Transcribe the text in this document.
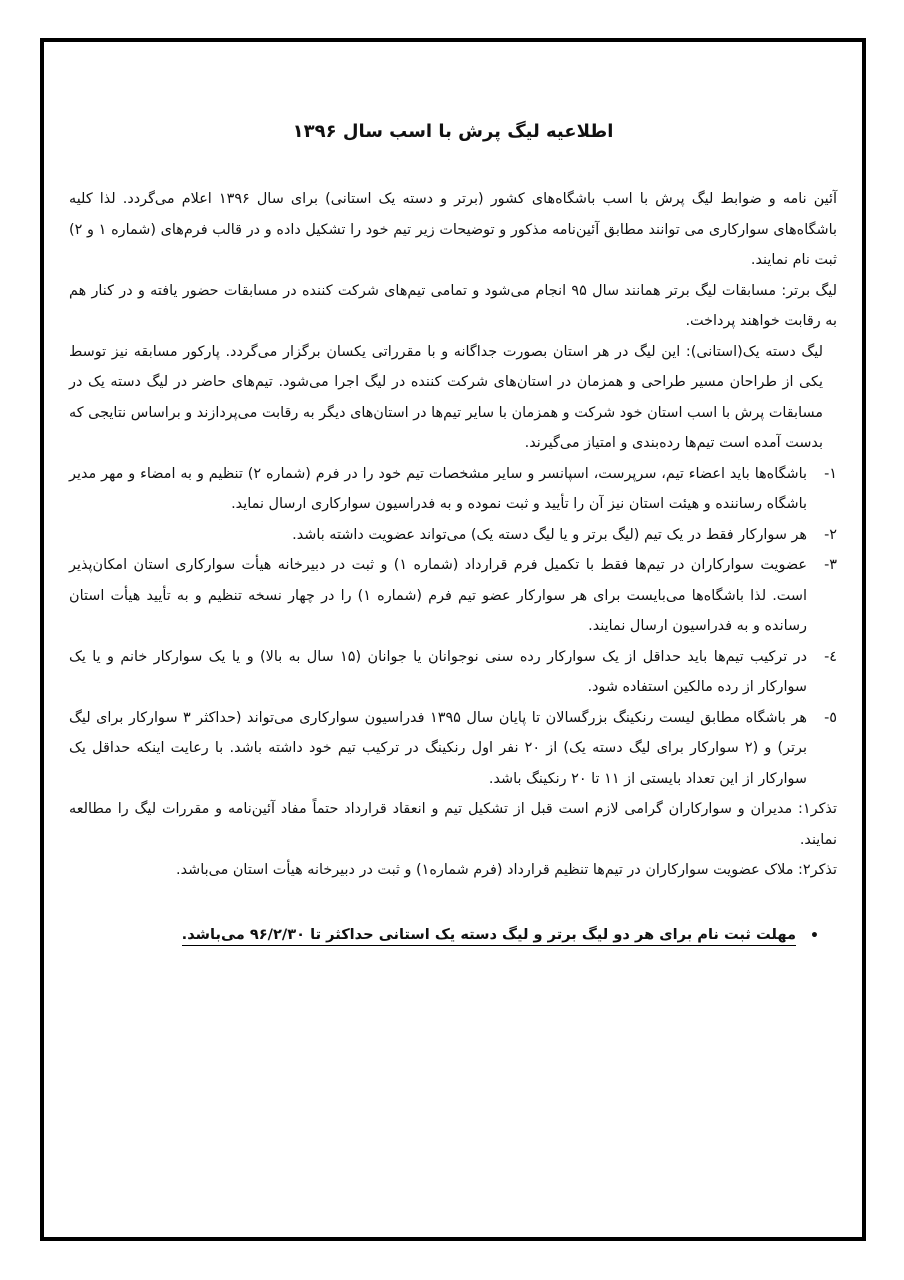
اطلاعیه لیگ پرش با اسب سال ۱۳۹۶

آئین نامه و ضوابط لیگ پرش با اسب باشگاه‌های کشور (برتر و دسته یک استانی) برای سال ۱۳۹۶ اعلام می‌گردد. لذا کلیه باشگاه‌های سوارکاری می توانند مطابق آئین‌نامه مذکور و توضیحات زیر تیم خود را تشکیل داده و در قالب فرم‌های (شماره ۱ و ۲) ثبت نام نمایند.

لیگ برتر: مسابقات لیگ برتر همانند سال ۹۵ انجام می‌شود و تمامی تیم‌های شرکت کننده در مسابقات حضور یافته و در کنار هم به رقابت خواهند پرداخت.

لیگ دسته یک(استانی): این لیگ در هر استان بصورت جداگانه و با مقرراتی یکسان برگزار می‌گردد. پارکور مسابقه نیز توسط یکی از طراحان مسیر طراحی و همزمان در استان‌های شرکت کننده در لیگ اجرا می‌شود. تیم‌های حاضر در لیگ دسته یک در مسابقات پرش با اسب استان خود شرکت و همزمان با سایر تیم‌ها در استان‌های دیگر به رقابت می‌پردازند و براساس نتایجی که بدست آمده است تیم‌ها رده‌بندی و امتیاز می‌گیرند.

۱-
باشگاه‌ها باید اعضاء تیم، سرپرست، اسپانسر و سایر مشخصات تیم خود را در فرم (شماره ۲) تنظیم و به امضاء و مهر مدیر باشگاه رساننده و هیئت استان نیز آن را تأیید و ثبت نموده و به فدراسیون سوارکاری ارسال نماید.
۲-
هر سوارکار فقط در یک تیم (لیگ برتر و یا لیگ دسته یک) می‌تواند عضویت داشته باشد.
۳-
عضویت سوارکاران در تیم‌ها فقط با تکمیل فرم قرارداد (شماره ۱) و ثبت در دبیرخانه هیأت سوارکاری استان امکان‌پذیر است. لذا باشگاه‌ها می‌بایست برای هر سوارکار عضو تیم فرم (شماره ۱) را در چهار نسخه تنظیم و به تأیید هیأت استان رسانده و به فدراسیون ارسال نمایند.
٤-
در ترکیب تیم‌ها باید حداقل از یک سوارکار رده سنی نوجوانان یا جوانان (۱۵ سال به بالا) و یا یک سوارکار خانم و یا یک سوارکار از رده مالکین استفاده شود.
٥-
هر باشگاه مطابق لیست رنکینگ بزرگسالان تا پایان سال ۱۳۹۵ فدراسیون سوارکاری می‌تواند (حداکثر ۳ سوارکار برای لیگ برتر) و (۲ سوارکار برای لیگ دسته یک) از ۲۰ نفر اول رنکینگ در ترکیب تیم خود داشته باشد. با رعایت اینکه حداقل یک سوارکار از این تعداد بایستی از ۱۱ تا ۲۰ رنکینگ باشد.

تذکر۱: مدیران و سوارکاران گرامی لازم است قبل از تشکیل تیم و انعقاد قرارداد حتماً مفاد آئین‌نامه و مقررات لیگ را مطالعه نمایند.

تذکر۲: ملاک عضویت سوارکاران در تیم‌ها تنظیم قرارداد (فرم شماره۱) و ثبت در دبیرخانه هیأت استان می‌باشد.

•
مهلت ثبت نام برای هر دو لیگ برتر و لیگ دسته یک استانی حداکثر تا ۹۶/۲/۳۰ می‌باشد.
